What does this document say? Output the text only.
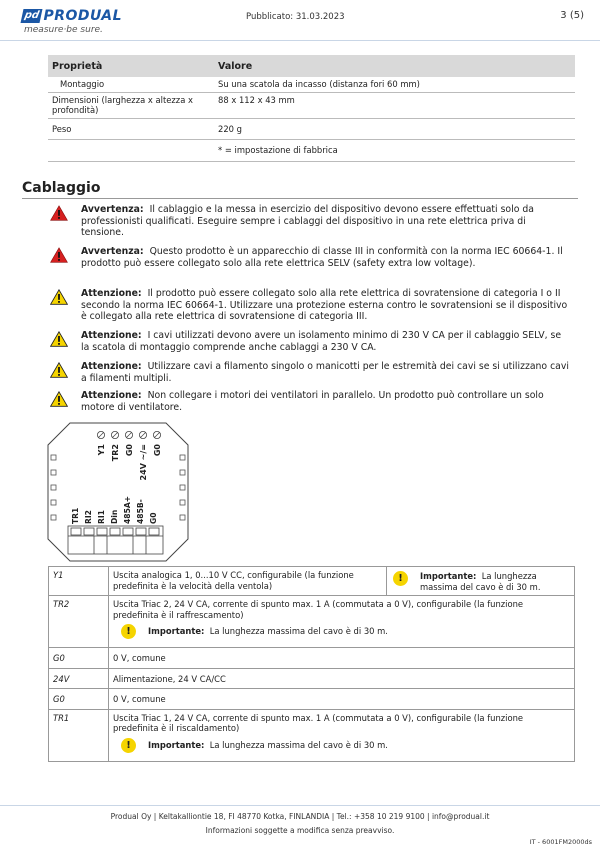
pd PRODUAL
measure·be sure.
Pubblicato: 31.03.2023	3 (5)
Proprietà	Valore
Montaggio	Su una scatola da incasso (distanza fori 60 mm)
Dimensioni (larghezza x altezza x profondità)	88 x 112 x 43 mm
Peso	220 g
	* = impostazione di fabbrica
Cablaggio
Avvertenza: Il cablaggio e la messa in esercizio del dispositivo devono essere effettuati solo da professionisti qualificati. Eseguire sempre i cablaggi del dispositivo in una rete elettrica priva di tensione.
Avvertenza: Questo prodotto è un apparecchio di classe III in conformità con la norma IEC 60664-1. Il prodotto può essere collegato solo alla rete elettrica SELV (safety extra low voltage).
Attenzione: Il prodotto può essere collegato solo alla rete elettrica di sovratensione di categoria I o II secondo la norma IEC 60664-1. Utilizzare una protezione esterna contro le sovratensioni se il dispositivo è collegato alla rete elettrica di sovratensione di categoria III.
Attenzione: I cavi utilizzati devono avere un isolamento minimo di 230 V CA per il cablaggio SELV, se la scatola di montaggio comprende anche cablaggi a 230 V CA.
Attenzione: Utilizzare cavi a filamento singolo o manicotti per le estremità dei cavi se si utilizzano cavi a filamenti multipli.
Attenzione: Non collegare i motori dei ventilatori in parallelo. Un prodotto può controllare un solo motore di ventilatore.
Y1 TR2 G0 24V ~/= G0
TR1 RI2 RI1 Din 485A+ 485B- G0
Y1	Uscita analogica 1, 0...10 V CC, configurabile (la funzione predefinita è la velocità della ventola)	! Importante: La lunghezza massima del cavo è di 30 m.

TR2	Uscita Triac 2, 24 V CA, corrente di spunto max. 1 A (commutata a 0 V), configurabile (la funzione predefinita è il raffrescamento)
! Importante: La lunghezza massima del cavo è di 30 m.	

G0	0 V, comune	
24V	Alimentazione, 24 V CA/CC	
G0	0 V, comune	
TR1	Uscita Triac 1, 24 V CA, corrente di spunto max. 1 A (commutata a 0 V), configurabile (la funzione predefinita è il riscaldamento)
! Importante: La lunghezza massima del cavo è di 30 m.	
Produal Oy | Keltakalliontie 18, FI 48770 Kotka, FINLANDIA | Tel.: +358 10 219 9100 | info@produal.it
Informazioni soggette a modifica senza preavviso.
IT - 6001FM2000ds
